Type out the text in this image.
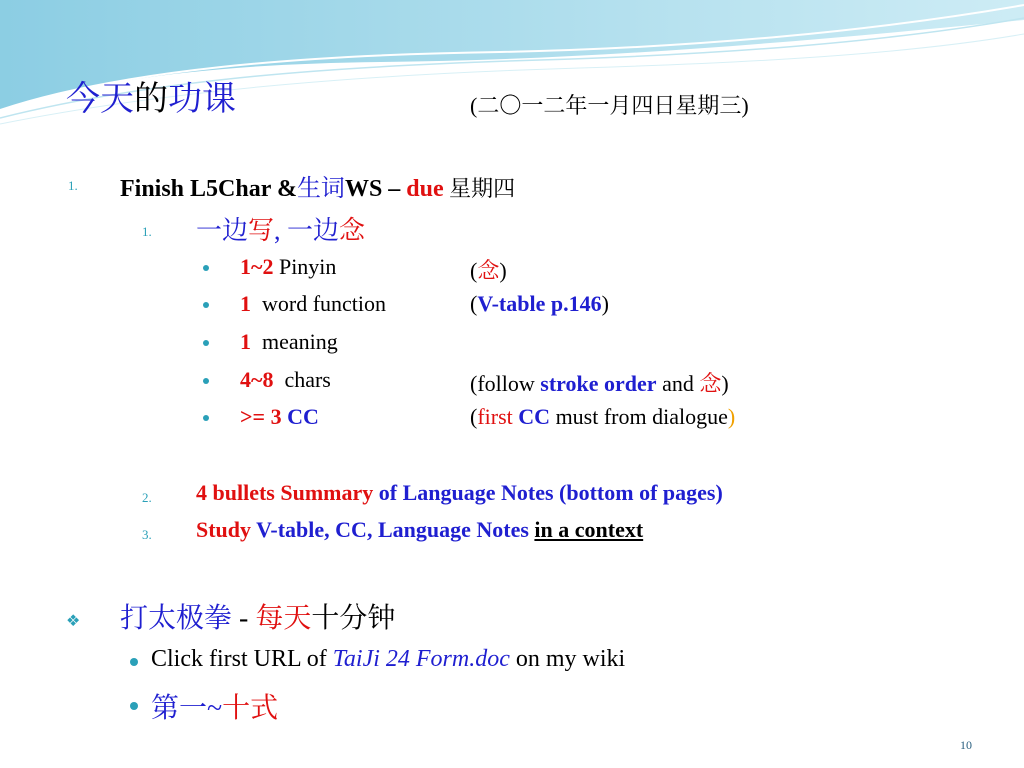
今天的功课	(二〇一二年一月四日星期三)
1. Finish L5Char &生词WS – due 星期四
1. 一边写, 一边念
1~2 Pinyin	(念)
1 word function	(V-table p.146)
1 meaning
4~8 chars	(follow stroke order and 念)
>= 3 CC	(first CC must from dialogue)
2. 4 bullets Summary of Language Notes (bottom of pages)
3. Study V-table, CC, Language Notes in a context
❖ 打太极拳 - 每天十分钟
Click first URL of TaiJi 24 Form.doc on my wiki
第一~十式
10
